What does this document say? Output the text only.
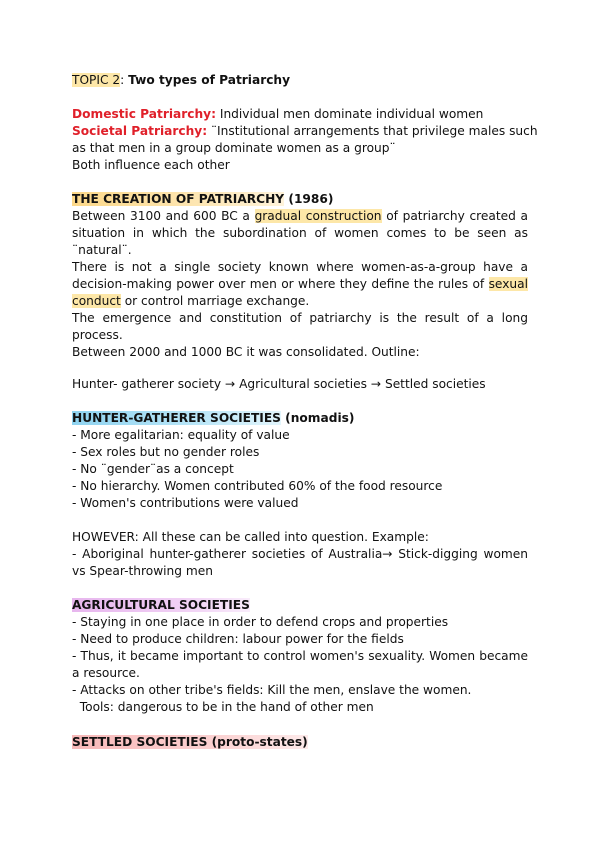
TOPIC 2: Two types of Patriarchy
Domestic Patriarchy: Individual men dominate individual women
Societal Patriarchy: ¨Institutional arrangements that privilege males such
as that men in a group dominate women as a group¨
Both influence each other
THE CREATION OF PATRIARCHY (1986)
Between 3100 and 600 BC a gradual construction of patriarchy created a
situation in which the subordination of women comes to be seen as
¨natural¨.
There is not a single society known where women-as-a-group have a
decision-making power over men or where they define the rules of sexual
conduct or control marriage exchange.
The emergence and constitution of patriarchy is the result of a long
process.
Between 2000 and 1000 BC it was consolidated. Outline:
Hunter- gatherer society → Agricultural societies → Settled societies
HUNTER-GATHERER SOCIETIES (nomadis)
- More egalitarian: equality of value
- Sex roles but no gender roles
- No ¨gender¨as a concept
- No hierarchy. Women contributed 60% of the food resource
- Women's contributions were valued
HOWEVER: All these can be called into question. Example:
- Aboriginal hunter-gatherer societies of Australia→ Stick-digging women
vs Spear-throwing men
AGRICULTURAL SOCIETIES
- Staying in one place in order to defend crops and properties
- Need to produce children: labour power for the fields
- Thus, it became important to control women's sexuality. Women became
a resource.
- Attacks on other tribe's fields: Kill the men, enslave the women.
Tools: dangerous to be in the hand of other men
SETTLED SOCIETIES (proto-states)
